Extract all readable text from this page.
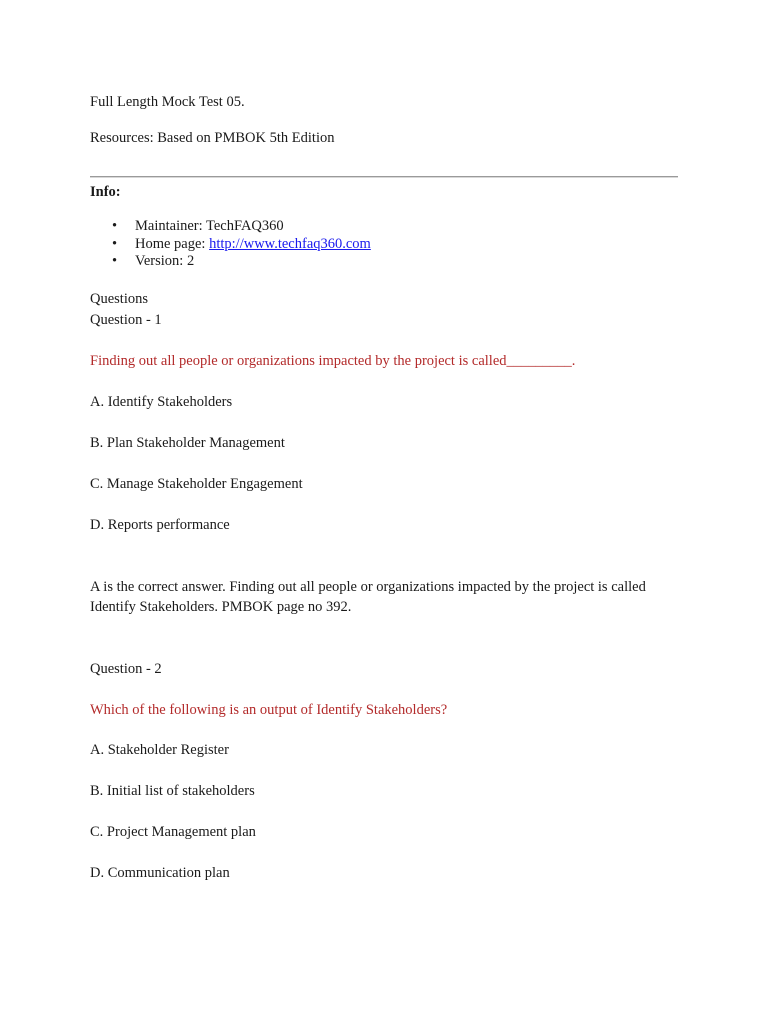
Full Length Mock Test 05.
Resources: Based on PMBOK 5th Edition
Info:
• Maintainer: TechFAQ360
• Home page: http://www.techfaq360.com
• Version: 2
Questions
Question - 1
Finding out all people or organizations impacted by the project is called_________.
A. Identify Stakeholders
B. Plan Stakeholder Management
C. Manage Stakeholder Engagement
D. Reports performance
A is the correct answer. Finding out all people or organizations impacted by the project is called Identify Stakeholders. PMBOK page no 392.
Question - 2
Which of the following is an output of Identify Stakeholders?
A. Stakeholder Register
B. Initial list of stakeholders
C. Project Management plan
D. Communication plan
